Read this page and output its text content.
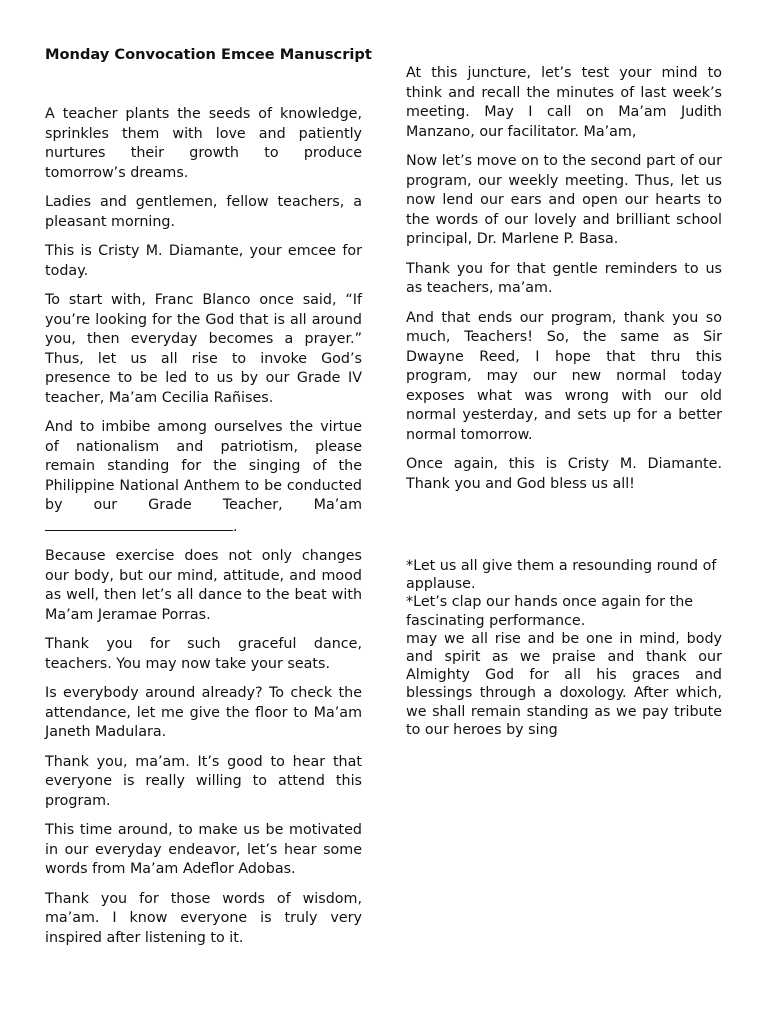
Monday Convocation Emcee Manuscript

A teacher plants the seeds of knowledge, sprinkles them with love and patiently nurtures their growth to produce tomorrow’s dreams.

Ladies and gentlemen, fellow teachers, a pleasant morning.

This is Cristy M. Diamante, your emcee for today.

To start with, Franc Blanco once said, “If you’re looking for the God that is all around you, then everyday becomes a prayer.” Thus, let us all rise to invoke God’s presence to be led to us by our Grade IV teacher, Ma’am Cecilia Rañises.

And to imbibe among ourselves the virtue of nationalism and patriotism, please remain standing for the singing of the Philippine National Anthem to be conducted by our Grade Teacher, Ma’am.

Because exercise does not only changes our body, but our mind, attitude, and mood as well, then let’s all dance to the beat with Ma’am Jeramae Porras.

Thank you for such graceful dance, teachers. You may now take your seats.

Is everybody around already? To check the attendance, let me give the floor to Ma’am Janeth Madulara.

Thank you, ma’am. It’s good to hear that everyone is really willing to attend this program.

This time around, to make us be motivated in our everyday endeavor, let’s hear some words from Ma’am Adeflor Adobas.

Thank you for those words of wisdom, ma’am. I know everyone is truly very inspired after listening to it.

At this juncture, let’s test your mind to think and recall the minutes of last week’s meeting. May I call on Ma’am Judith Manzano, our facilitator. Ma’am,

Now let’s move on to the second part of our program, our weekly meeting. Thus, let us now lend our ears and open our hearts to the words of our lovely and brilliant school principal, Dr. Marlene P. Basa.

Thank you for that gentle reminders to us as teachers, ma’am.

And that ends our program, thank you so much, Teachers! So, the same as Sir Dwayne Reed, I hope that thru this program, may our new normal today exposes what was wrong with our old normal yesterday, and sets up for a better normal tomorrow.

Once again, this is Cristy M. Diamante. Thank you and God bless us all!

*Let us all give them a resounding round of applause.

*Let’s clap our hands once again for the fascinating performance.

may we all rise and be one in mind, body and spirit as we praise and thank our Almighty God for all his graces and blessings through a doxology. After which, we shall remain standing as we pay tribute to our heroes by sing
